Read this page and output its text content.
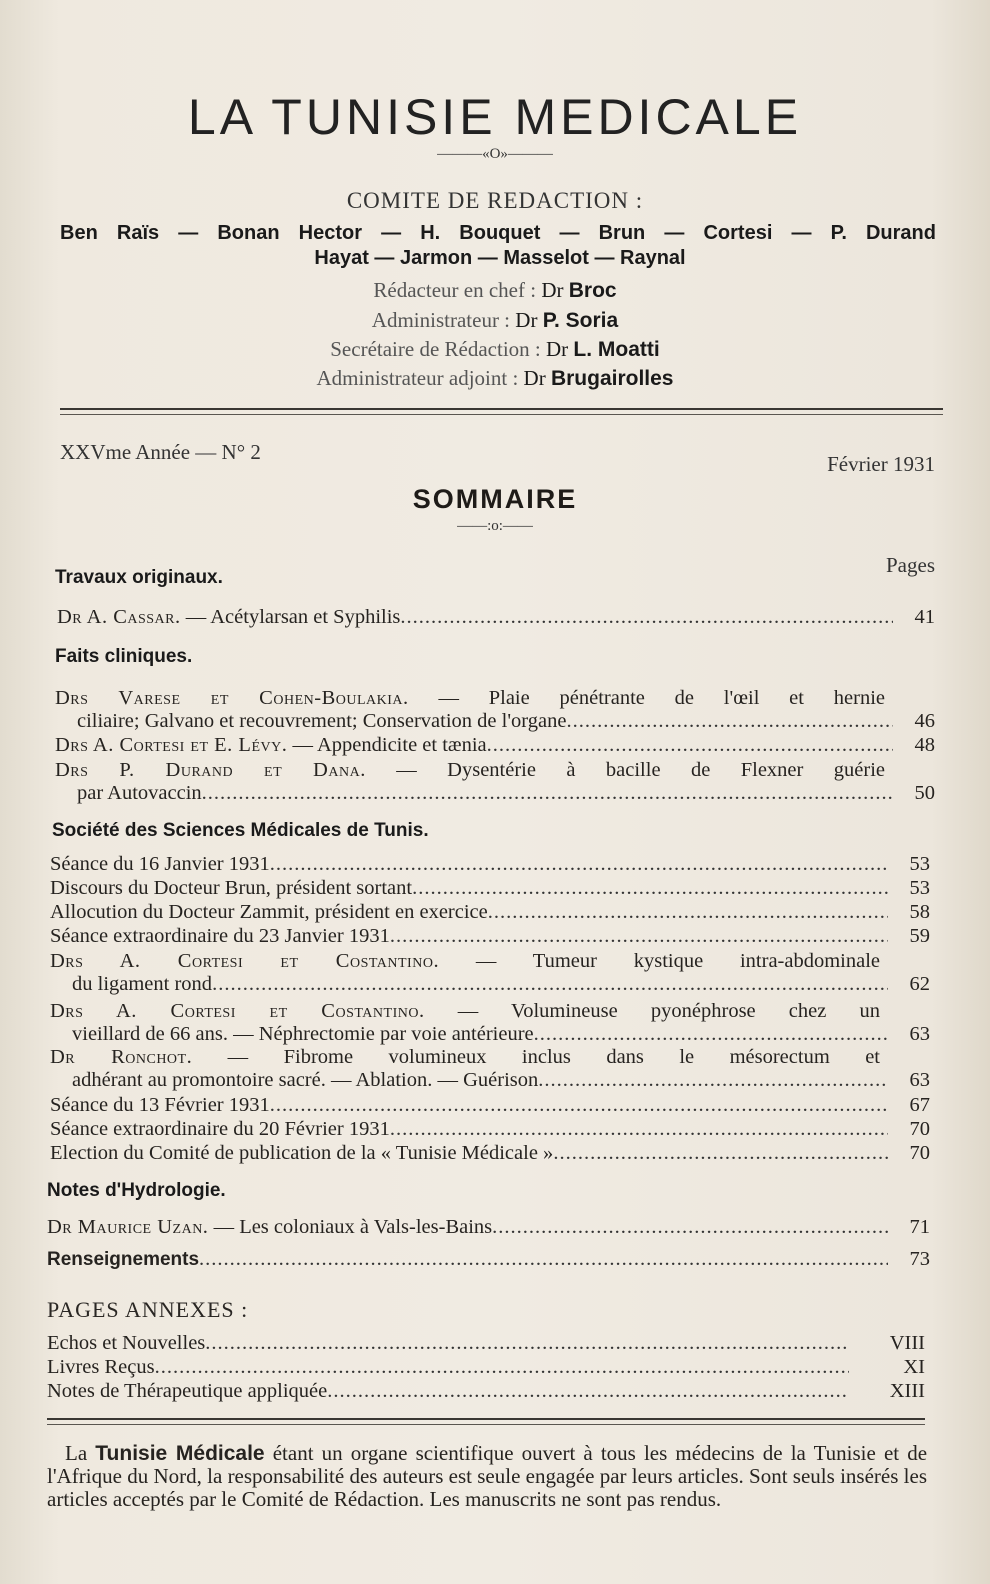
LA TUNISIE MEDICALE
———«O»———
COMITE DE REDACTION :
Ben Raïs — Bonan Hector — H. Bouquet — Brun — Cortesi — P. Durand
Hayat — Jarmon — Masselot — Raynal
Rédacteur en chef : Dr Broc
Administrateur : Dr P. Soria
Secrétaire de Rédaction : Dr L. Moatti
Administrateur adjoint : Dr Brugairolles
XXVme Année — N° 2	Février 1931
SOMMAIRE
——:o:——
Pages
Travaux originaux.
Dr A. Cassar. — Acétylarsan et Syphilis .....	41
Faits cliniques.
Drs Varese et Cohen-Boulakia. — Plaie pénétrante de l'œil et hernie
ciliaire; Galvano et recouvrement; Conservation de l'organe .....	46
Drs A. Cortesi et E. Lévy. — Appendicite et tænia .....	48
Drs P. Durand et Dana. — Dysentérie à bacille de Flexner guérie
par Autovaccin .....	50
Société des Sciences Médicales de Tunis.
Séance du 16 Janvier 1931 .....	53
Discours du Docteur Brun, président sortant .....	53
Allocution du Docteur Zammit, président en exercice .....	58
Séance extraordinaire du 23 Janvier 1931 .....	59
Drs A. Cortesi et Costantino. — Tumeur kystique intra-abdominale
du ligament rond .....	62
Drs A. Cortesi et Costantino. — Volumineuse pyonéphrose chez un
vieillard de 66 ans. — Néphrectomie par voie antérieure .....	63
Dr Ronchot. — Fibrome volumineux inclus dans le mésorectum et
adhérant au promontoire sacré. — Ablation. — Guérison .....	63
Séance du 13 Février 1931 .....	67
Séance extraordinaire du 20 Février 1931 .....	70
Election du Comité de publication de la « Tunisie Médicale » .....	70
Notes d'Hydrologie.
Dr Maurice Uzan. — Les coloniaux à Vals-les-Bains .....	71
Renseignements .....	73
PAGES ANNEXES :
Echos et Nouvelles .....	VIII
Livres Reçus .....	XI
Notes de Thérapeutique appliquée .....	XIII
La Tunisie Médicale étant un organe scientifique ouvert à tous les médecins de la Tunisie et de l'Afrique du Nord, la responsabilité des auteurs est seule engagée par leurs articles. Sont seuls insérés les articles acceptés par le Comité de Rédaction. Les manuscrits ne sont pas rendus.
